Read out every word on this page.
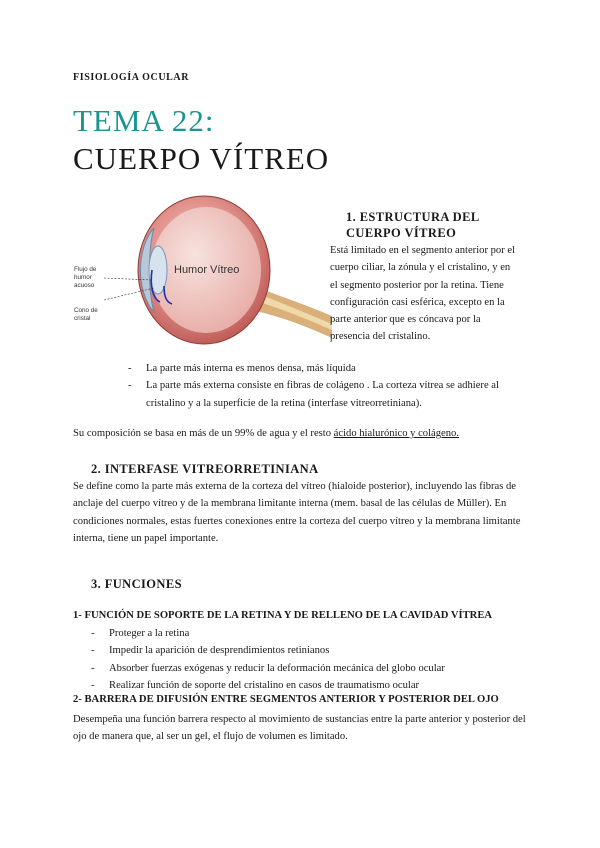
FISIOLOGÍA OCULAR
TEMA 22:
CUERPO VÍTREO
Humor Vítreo
Flujo de humor acuoso Cono de cristal
1. ESTRUCTURA DEL CUERPO VÍTREO
Está limitado en el segmento anterior por el cuerpo ciliar, la zónula y el cristalino, y en el segmento posterior por la retina. Tiene configuración casi esférica, excepto en la parte anterior que es cóncava por la presencia del cristalino.
- La parte más interna es menos densa, más líquida
- La parte más externa consiste en fibras de colágeno . La corteza vítrea se adhiere al cristalino y a la superficie de la retina (interfase vitreorretiniana).
Su composición se basa en más de un 99% de agua y el resto ácido hialurónico y colágeno.
2. INTERFASE VITREORRETINIANA
Se define como la parte más externa de la corteza del vítreo (hialoide posterior), incluyendo las fibras de anclaje del cuerpo vítreo y de la membrana limitante interna (mem. basal de las células de Müller). En condiciones normales, estas fuertes conexiones entre la corteza del cuerpo vítreo y la membrana limitante interna, tiene un papel importante.
3. FUNCIONES
1- FUNCIÓN DE SOPORTE DE LA RETINA Y DE RELLENO DE LA CAVIDAD VÍTREA
- Proteger a la retina
- Impedir la aparición de desprendimientos retinianos
- Absorber fuerzas exógenas y reducir la deformación mecánica del globo ocular
- Realizar función de soporte del cristalino en casos de traumatismo ocular
2- BARRERA DE DIFUSIÓN ENTRE SEGMENTOS ANTERIOR Y POSTERIOR DEL OJO
Desempeña una función barrera respecto al movimiento de sustancias entre la parte anterior y posterior del ojo de manera que, al ser un gel, el flujo de volumen es limitado.
